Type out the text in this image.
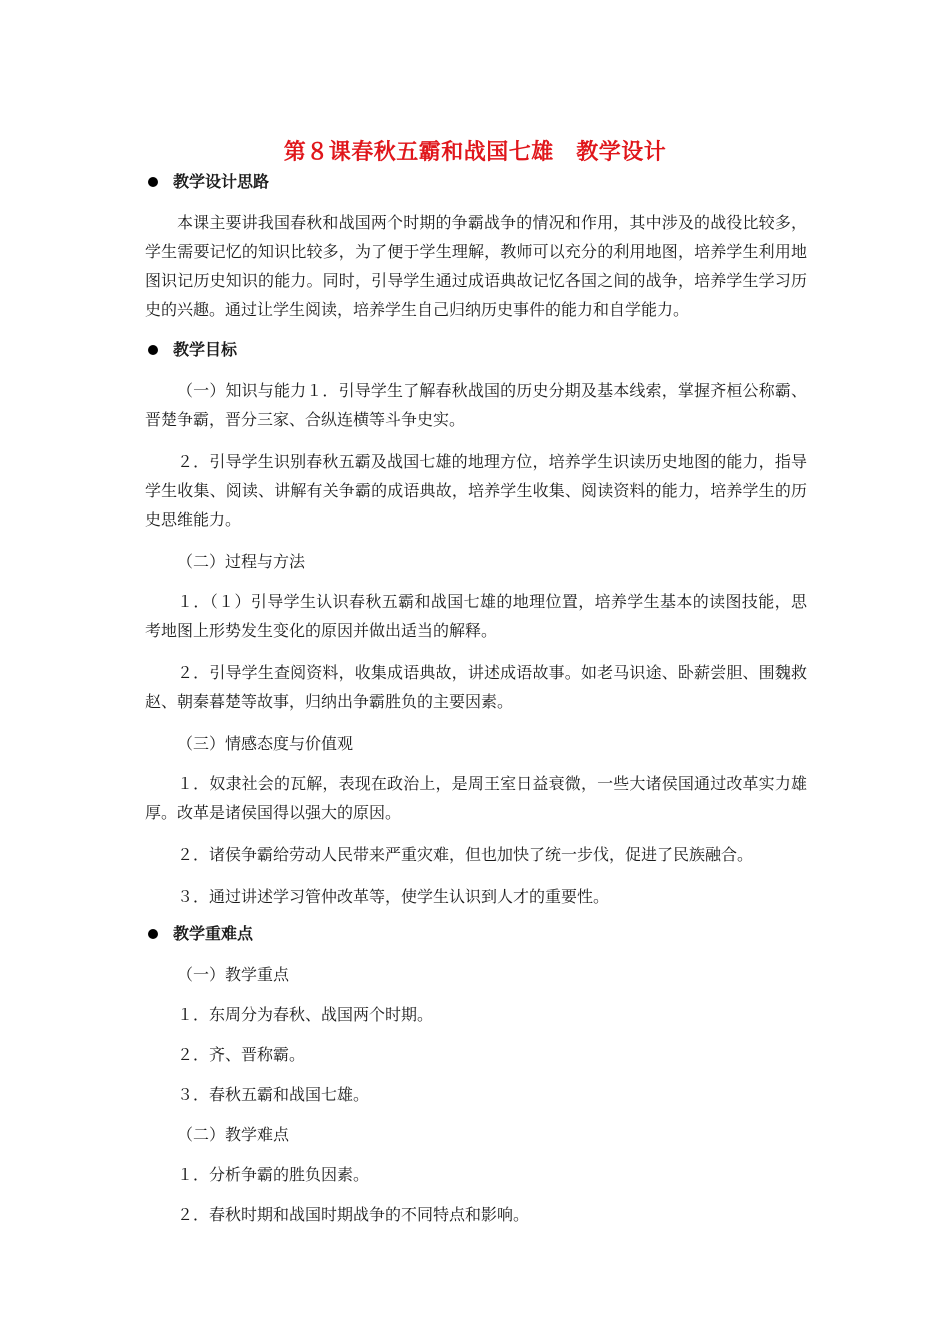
第８课春秋五霸和战国七雄　教学设计
教学设计思路

本课主要讲我国春秋和战国两个时期的争霸战争的情况和作用，其中涉及的战役比较多，学生需要记忆的知识比较多，为了便于学生理解，教师可以充分的利用地图，培养学生利用地图识记历史知识的能力。同时，引导学生通过成语典故记忆各国之间的战争，培养学生学习历史的兴趣。通过让学生阅读，培养学生自己归纳历史事件的能力和自学能力。

教学目标

（一）知识与能力１．引导学生了解春秋战国的历史分期及基本线索，掌握齐桓公称霸、晋楚争霸，晋分三家、合纵连横等斗争史实。

２．引导学生识别春秋五霸及战国七雄的地理方位，培养学生识读历史地图的能力，指导学生收集、阅读、讲解有关争霸的成语典故，培养学生收集、阅读资料的能力，培养学生的历史思维能力。

（二）过程与方法

１．（１）引导学生认识春秋五霸和战国七雄的地理位置，培养学生基本的读图技能，思考地图上形势发生变化的原因并做出适当的解释。

２．引导学生查阅资料，收集成语典故，讲述成语故事。如老马识途、卧薪尝胆、围魏救赵、朝秦暮楚等故事，归纳出争霸胜负的主要因素。

（三）情感态度与价值观

１．奴隶社会的瓦解，表现在政治上，是周王室日益衰微，一些大诸侯国通过改革实力雄厚。改革是诸侯国得以强大的原因。

２．诸侯争霸给劳动人民带来严重灾难，但也加快了统一步伐，促进了民族融合。

３．通过讲述学习管仲改革等，使学生认识到人才的重要性。

教学重难点

（一）教学重点

１．东周分为春秋、战国两个时期。

２．齐、晋称霸。

３．春秋五霸和战国七雄。

（二）教学难点

１．分析争霸的胜负因素。

２．春秋时期和战国时期战争的不同特点和影响。
